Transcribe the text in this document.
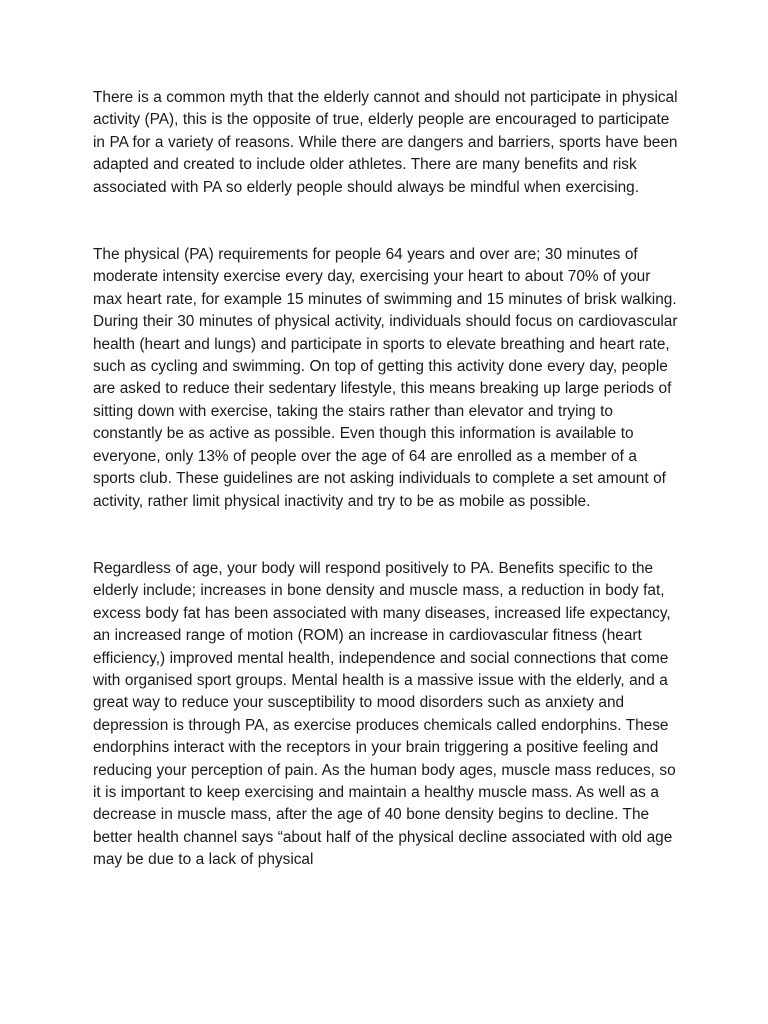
There is a common myth that the elderly cannot and should not participate in physical activity (PA), this is the opposite of true, elderly people are encouraged to participate in PA for a variety of reasons. While there are dangers and barriers, sports have been adapted and created to include older athletes. There are many benefits and risk associated with PA so elderly people should always be mindful when exercising.

The physical (PA) requirements for people 64 years and over are; 30 minutes of moderate intensity exercise every day, exercising your heart to about 70% of your max heart rate, for example 15 minutes of swimming and 15 minutes of brisk walking. During their 30 minutes of physical activity, individuals should focus on cardiovascular health (heart and lungs) and participate in sports to elevate breathing and heart rate, such as cycling and swimming. On top of getting this activity done every day, people are asked to reduce their sedentary lifestyle, this means breaking up large periods of sitting down with exercise, taking the stairs rather than elevator and trying to constantly be as active as possible. Even though this information is available to everyone, only 13% of people over the age of 64 are enrolled as a member of a sports club. These guidelines are not asking individuals to complete a set amount of activity, rather limit physical inactivity and try to be as mobile as possible.

Regardless of age, your body will respond positively to PA. Benefits specific to the elderly include; increases in bone density and muscle mass, a reduction in body fat, excess body fat has been associated with many diseases, increased life expectancy, an increased range of motion (ROM) an increase in cardiovascular fitness (heart efficiency,) improved mental health, independence and social connections that come with organised sport groups. Mental health is a massive issue with the elderly, and a great way to reduce your susceptibility to mood disorders such as anxiety and depression is through PA, as exercise produces chemicals called endorphins. These endorphins interact with the receptors in your brain triggering a positive feeling and reducing your perception of pain. As the human body ages, muscle mass reduces, so it is important to keep exercising and maintain a healthy muscle mass. As well as a decrease in muscle mass, after the age of 40 bone density begins to decline. The better health channel says “about half of the physical decline associated with old age may be due to a lack of physical
